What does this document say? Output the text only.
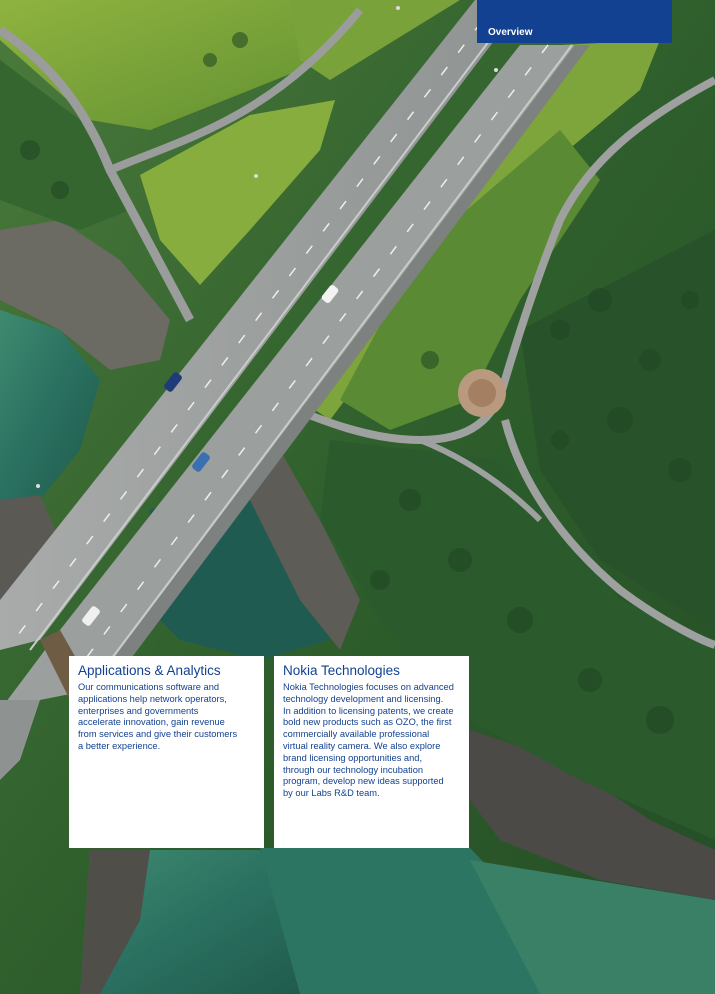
Overview
Applications & Analytics

Our communications software and
applications help network operators,
enterprises and governments
accelerate innovation, gain revenue
from services and give their customers
a better experience.

Nokia Technologies

Nokia Technologies focuses on advanced
technology development and licensing.
In addition to licensing patents, we create
bold new products such as OZO, the first
commercially available professional
virtual reality camera. We also explore
brand licensing opportunities and,
through our technology incubation
program, develop new ideas supported
by our Labs R&D team.
